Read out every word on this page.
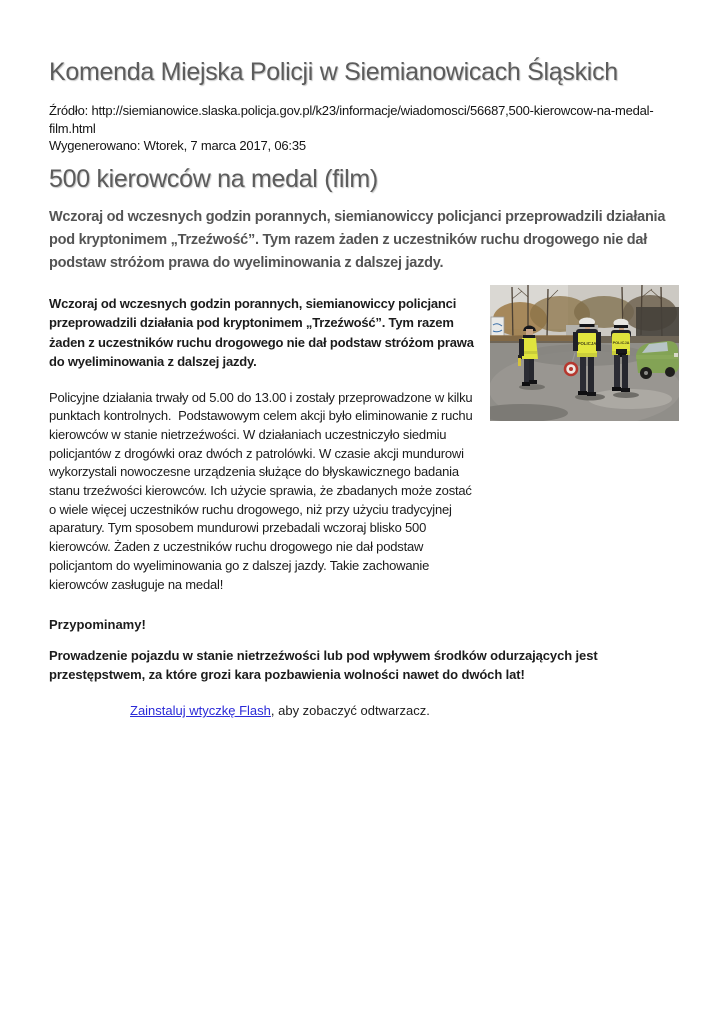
Komenda Miejska Policji w Siemianowicach Śląskich

Źródło: http://siemianowice.slaska.policja.gov.pl/k23/informacje/wiadomosci/56687,500-kierowcow-na-medal-film.html

Wygenerowano: Wtorek, 7 marca 2017, 06:35

500 kierowców na medal (film)

Wczoraj od wczesnych godzin porannych, siemianowiccy policjanci przeprowadzili działania pod kryptonimem „Trzeźwość”. Tym razem żaden z uczestników ruchu drogowego nie dał podstaw stróżom prawa do wyeliminowania z dalszej jazdy.

Wczoraj od wczesnych godzin porannych, siemianowiccy policjanci przeprowadzili działania pod kryptonimem „Trzeźwość”. Tym razem żaden z uczestników ruchu drogowego nie dał podstaw stróżom prawa do wyeliminowania z dalszej jazdy.

Policyjne działania trwały od 5.00 do 13.00 i zostały przeprowadzone w kilku punktach kontrolnych.  Podstawowym celem akcji było eliminowanie z ruchu kierowców w stanie nietrzeźwości. W działaniach uczestniczyło siedmiu policjantów z drogówki oraz dwóch z patrolówki. W czasie akcji mundurowi wykorzystali nowoczesne urządzenia służące do błyskawicznego badania stanu trzeźwości kierowców. Ich użycie sprawia, że zbadanych może zostać o wiele więcej uczestników ruchu drogowego, niż przy użyciu tradycyjnej aparatury. Tym sposobem mundurowi przebadali wczoraj blisko 500 kierowców. Żaden z uczestników ruchu drogowego nie dał podstaw policjantom do wyeliminowania go z dalszej jazdy. Takie zachowanie kierowców zasługuje na medal!

POLICJA	POLICJA

Przypominamy!

Prowadzenie pojazdu w stanie nietrzeźwości lub pod wpływem środków odurzających jest przestępstwem, za które grozi kara pozbawienia wolności nawet do dwóch lat!

Zainstaluj wtyczkę Flash, aby zobaczyć odtwarzacz.
